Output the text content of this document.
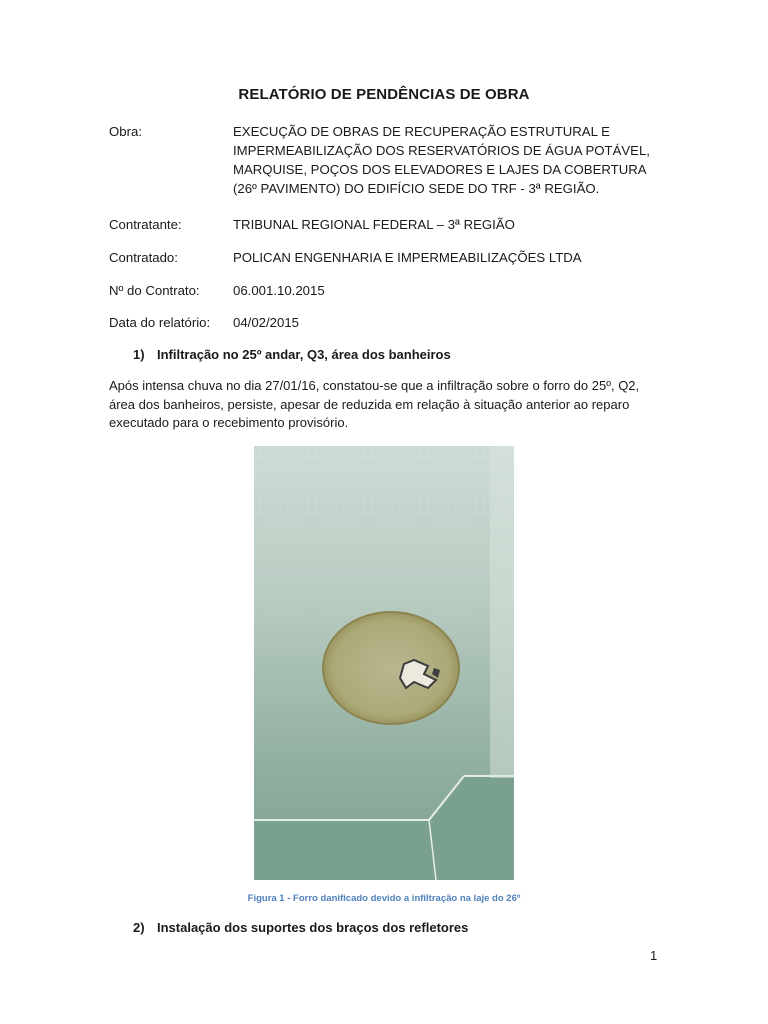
RELATÓRIO DE PENDÊNCIAS DE OBRA
Obra:	EXECUÇÃO DE OBRAS DE RECUPERAÇÃO ESTRUTURAL E IMPERMEABILIZAÇÃO DOS RESERVATÓRIOS DE ÁGUA POTÁVEL, MARQUISE, POÇOS DOS ELEVADORES E LAJES DA COBERTURA (26º PAVIMENTO) DO EDIFÍCIO SEDE DO TRF - 3ª REGIÃO.
Contratante:	TRIBUNAL REGIONAL FEDERAL – 3ª REGIÃO
Contratado:	POLICAN ENGENHARIA E IMPERMEABILIZAÇÕES LTDA
Nº do Contrato:	06.001.10.2015
Data do relatório:	04/02/2015
1) Infiltração no 25º andar, Q3, área dos banheiros
Após intensa chuva no dia 27/01/16, constatou-se que a infiltração sobre o forro do 25º, Q2, área dos banheiros, persiste, apesar de reduzida em relação à situação anterior ao reparo executado para o recebimento provisório.
Figura 1 - Forro danificado devido a infiltração na laje do 26º
2) Instalação dos suportes dos braços dos refletores
1
